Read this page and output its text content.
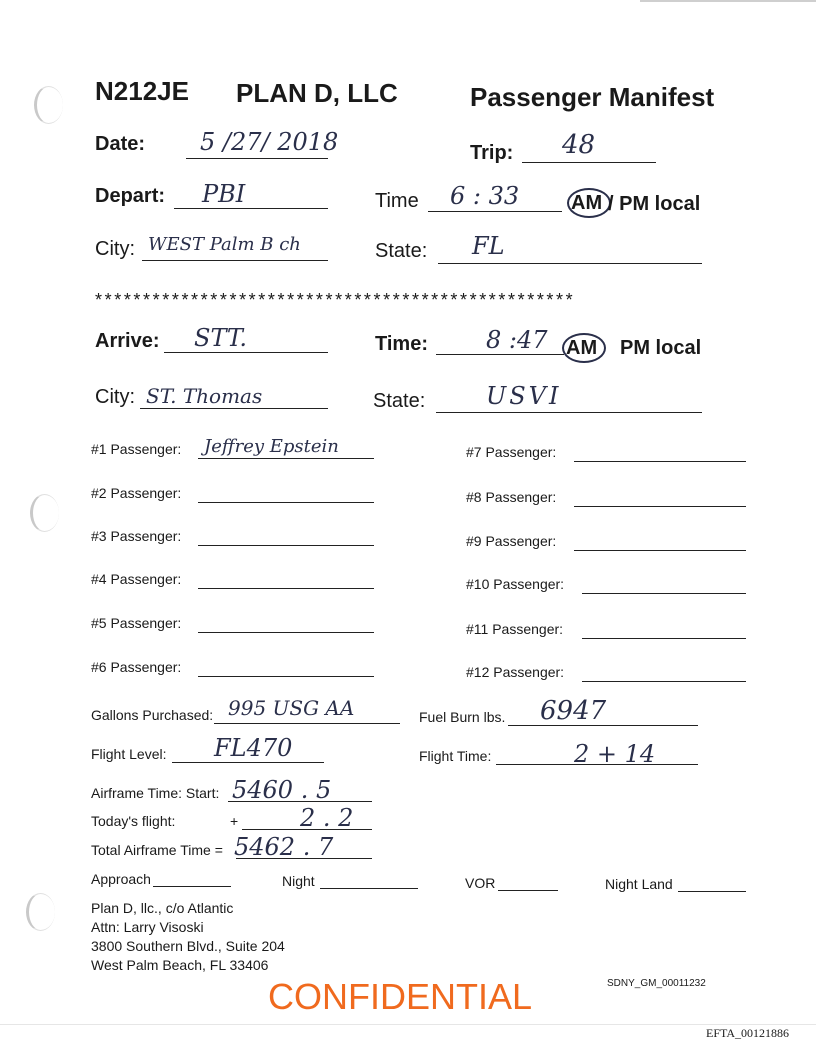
N212JE PLAN D, LLC	Passenger Manifest
Date: 5 /27/ 2018	Trip: 48
Depart: PBI	Time 6 : 33	AM / PM local
City: WEST Palm B ch	State: FL
**************************************************
Arrive: STT.	Time: 8 :47 AM PM local
City: ST. Thomas	State:	USVI
#1 Passenger: Jeffrey Epstein
#2 Passenger:
#3 Passenger:
#4 Passenger:
#5 Passenger:
#6 Passenger:
#7 Passenger:
#8 Passenger:
#9 Passenger:
#10 Passenger:
#11 Passenger:
#12 Passenger:
Gallons Purchased: 995 USG AA	Fuel Burn lbs. 6947
Flight Level: FL470	Flight Time:	2 + 14
Airframe Time: Start: 5460 . 5
Today's flight:	+	2 . 2
Total Airframe Time = 5462 . 7
Approach	Night	VOR	Night Land
Plan D, llc., c/o Atlantic
Attn: Larry Visoski
3800 Southern Blvd., Suite 204
West Palm Beach, FL 33406
CONFIDENTIAL	SDNY_GM_00011232
EFTA_00121886
